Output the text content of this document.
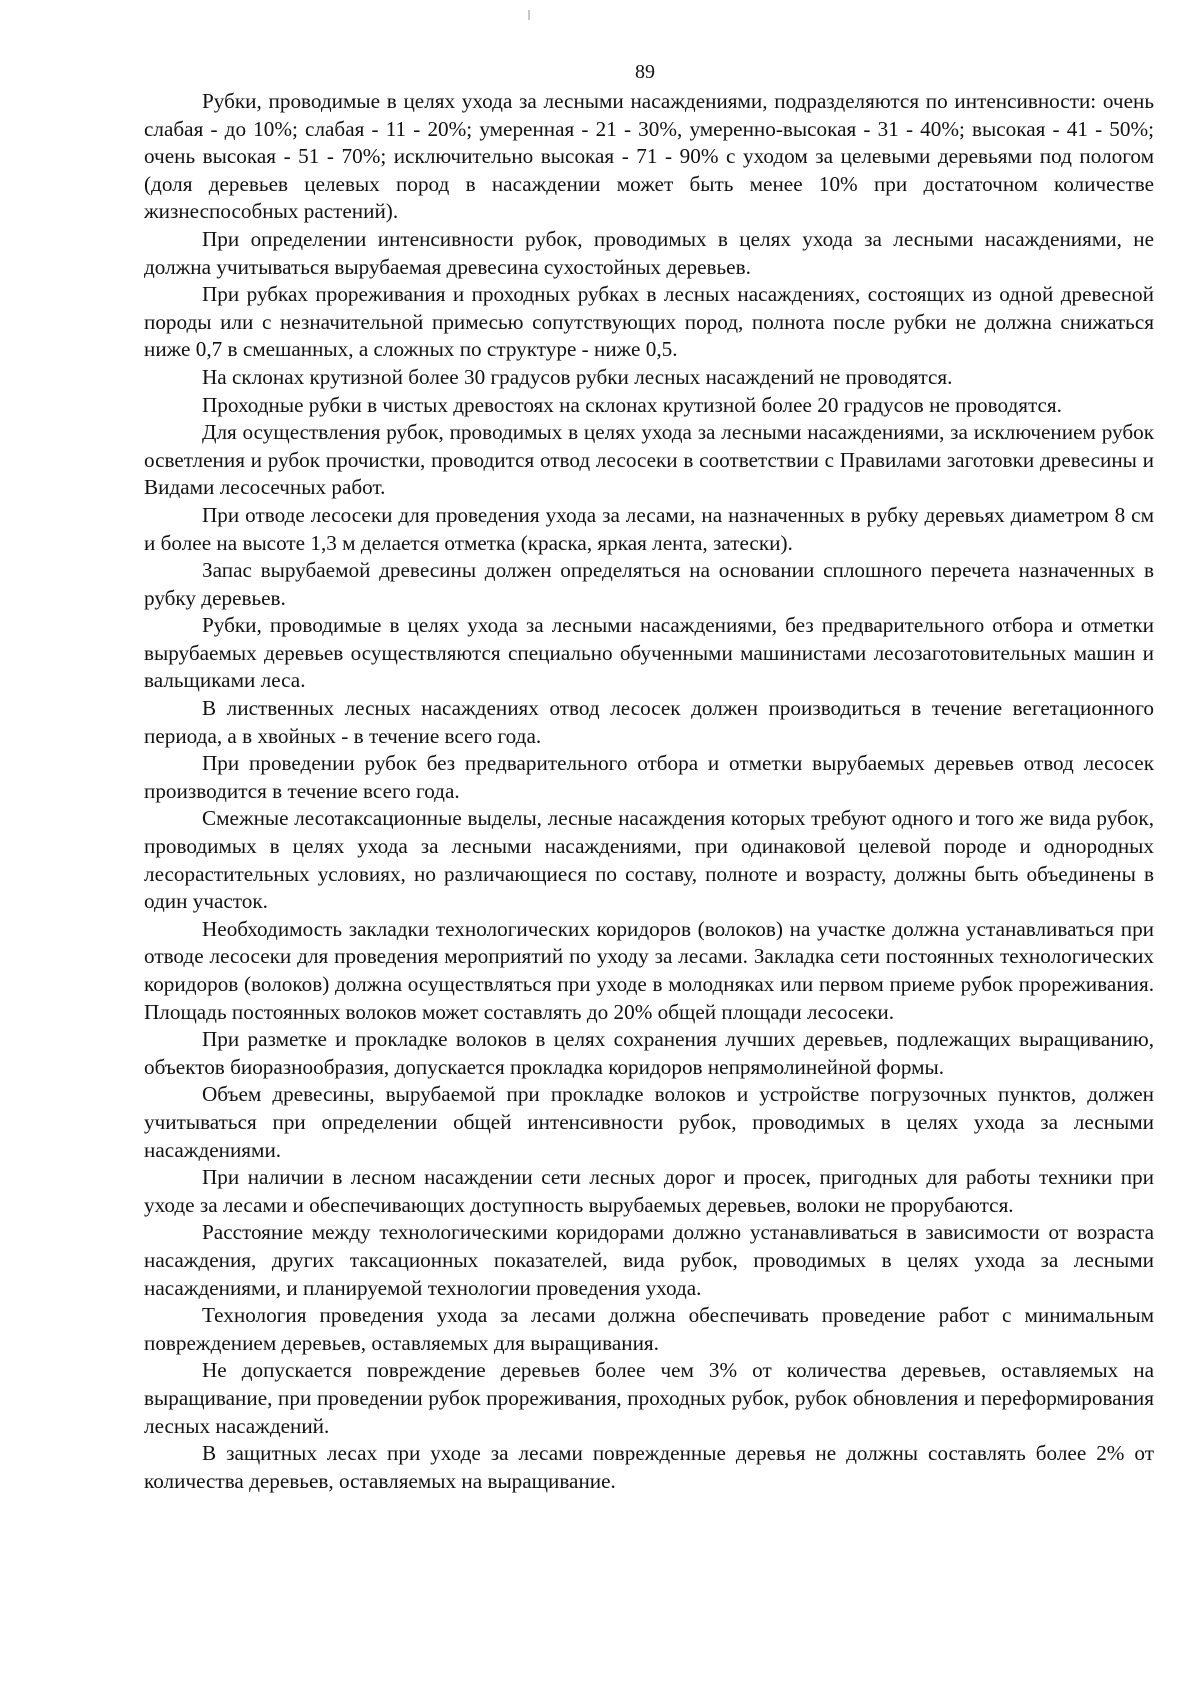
89

Рубки, проводимые в целях ухода за лесными насаждениями, подразделяются по интенсивности: очень слабая - до 10%; слабая - 11 - 20%; умеренная - 21 - 30%, умеренно-высокая - 31 - 40%; высокая - 41 - 50%; очень высокая - 51 - 70%; исключительно высокая - 71 - 90% с уходом за целевыми деревьями под пологом (доля деревьев целевых пород в насаждении может быть менее 10% при достаточном количестве жизнеспособных растений).

При определении интенсивности рубок, проводимых в целях ухода за лесными насаждениями, не должна учитываться вырубаемая древесина сухостойных деревьев.

При рубках прореживания и проходных рубках в лесных насаждениях, состоящих из одной древесной породы или с незначительной примесью сопутствующих пород, полнота после рубки не должна снижаться ниже 0,7 в смешанных, а сложных по структуре - ниже 0,5.

На склонах крутизной более 30 градусов рубки лесных насаждений не проводятся.

Проходные рубки в чистых древостоях на склонах крутизной более 20 градусов не проводятся.

Для осуществления рубок, проводимых в целях ухода за лесными насаждениями, за исключением рубок осветления и рубок прочистки, проводится отвод лесосеки в соответствии с Правилами заготовки древесины и Видами лесосечных работ.

При отводе лесосеки для проведения ухода за лесами, на назначенных в рубку деревьях диаметром 8 см и более на высоте 1,3 м делается отметка (краска, яркая лента, затески).

Запас вырубаемой древесины должен определяться на основании сплошного перечета назначенных в рубку деревьев.

Рубки, проводимые в целях ухода за лесными насаждениями, без предварительного отбора и отметки вырубаемых деревьев осуществляются специально обученными машинистами лесозаготовительных машин и вальщиками леса.

В лиственных лесных насаждениях отвод лесосек должен производиться в течение вегетационного периода, а в хвойных - в течение всего года.

При проведении рубок без предварительного отбора и отметки вырубаемых деревьев отвод лесосек производится в течение всего года.

Смежные лесотаксационные выделы, лесные насаждения которых требуют одного и того же вида рубок, проводимых в целях ухода за лесными насаждениями, при одинаковой целевой породе и однородных лесорастительных условиях, но различающиеся по составу, полноте и возрасту, должны быть объединены в один участок.

Необходимость закладки технологических коридоров (волоков) на участке должна устанавливаться при отводе лесосеки для проведения мероприятий по уходу за лесами. Закладка сети постоянных технологических коридоров (волоков) должна осуществляться при уходе в молодняках или первом приеме рубок прореживания. Площадь постоянных волоков может составлять до 20% общей площади лесосеки.

При разметке и прокладке волоков в целях сохранения лучших деревьев, подлежащих выращиванию, объектов биоразнообразия, допускается прокладка коридоров непрямолинейной формы.

Объем древесины, вырубаемой при прокладке волоков и устройстве погрузочных пунктов, должен учитываться при определении общей интенсивности рубок, проводимых в целях ухода за лесными насаждениями.

При наличии в лесном насаждении сети лесных дорог и просек, пригодных для работы техники при уходе за лесами и обеспечивающих доступность вырубаемых деревьев, волоки не прорубаются.

Расстояние между технологическими коридорами должно устанавливаться в зависимости от возраста насаждения, других таксационных показателей, вида рубок, проводимых в целях ухода за лесными насаждениями, и планируемой технологии проведения ухода.

Технология проведения ухода за лесами должна обеспечивать проведение работ с минимальным повреждением деревьев, оставляемых для выращивания.

Не допускается повреждение деревьев более чем 3% от количества деревьев, оставляемых на выращивание, при проведении рубок прореживания, проходных рубок, рубок обновления и переформирования лесных насаждений.

В защитных лесах при уходе за лесами поврежденные деревья не должны составлять более 2% от количества деревьев, оставляемых на выращивание.
